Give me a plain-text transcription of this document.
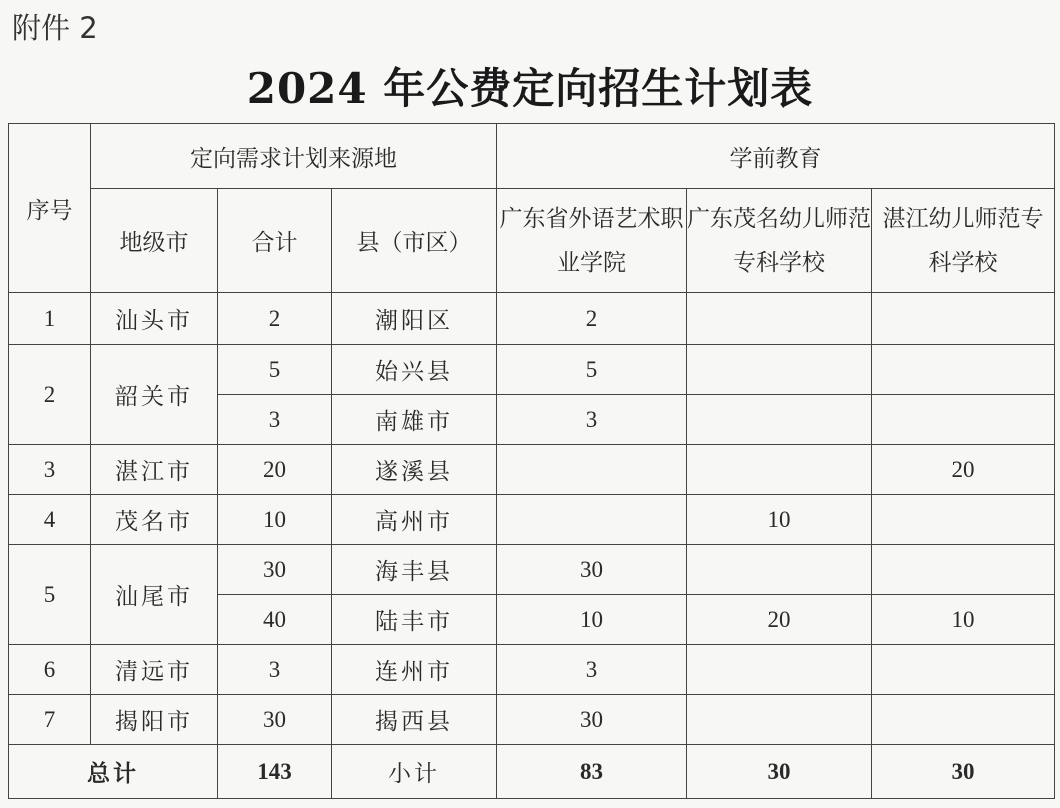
附件 2
2024 年公费定向招生计划表
序号	定向需求计划来源地			学前教育		
	地级市	合计	县（市区）	广东省外语艺术职业学院	广东茂名幼儿师范专科学校	湛江幼儿师范专科学校
1	汕头市	2	潮阳区	2		
2	韶关市	5	始兴县	5		
		3	南雄市	3		
3	湛江市	20	遂溪县			20
4	茂名市	10	高州市		10	
5	汕尾市	30	海丰县	30		
		40	陆丰市	10	20	10
6	清远市	3	连州市	3		
7	揭阳市	30	揭西县	30		
总计		143	小计	83	30	30
